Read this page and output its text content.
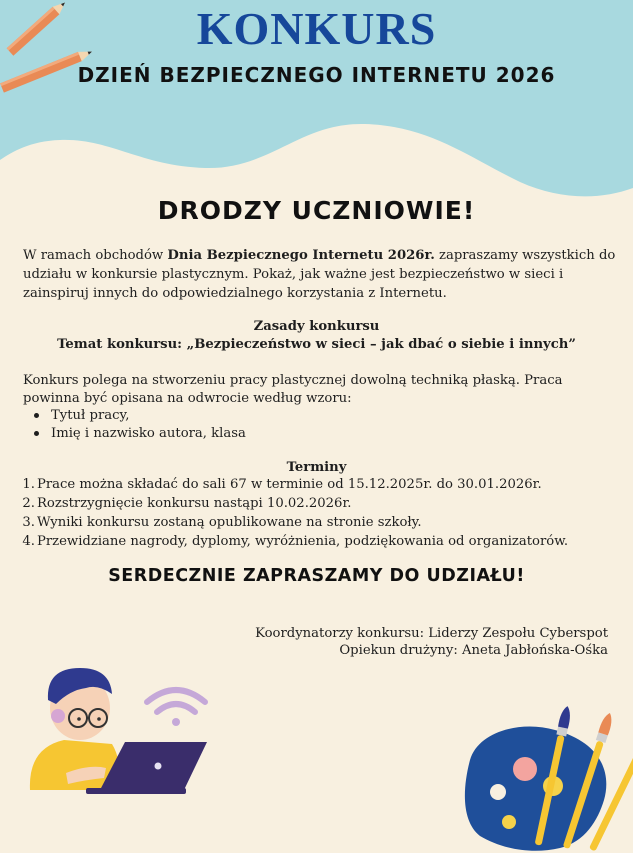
KONKURS
DZIEŃ BEZPIECZNEGO INTERNETU 2026
DRODZY UCZNIOWIE!
W ramach obchodów Dnia Bezpiecznego Internetu 2026r. zapraszamy wszystkich do udziału w konkursie plastycznym. Pokaż, jak ważne jest bezpieczeństwo w sieci i zainspiruj innych do odpowiedzialnego korzystania z Internetu.
Zasady konkursu
Temat konkursu: „Bezpieczeństwo w sieci – jak dbać o siebie i innych”
Konkurs polega na stworzeniu pracy plastycznej dowolną techniką płaską. Praca powinna być opisana na odwrocie według wzoru:
Tytuł pracy,
Imię i nazwisko autora, klasa
Terminy
1. Prace można składać do sali 67 w terminie od 15.12.2025r. do 30.01.2026r.
2. Rozstrzygnięcie konkursu nastąpi 10.02.2026r.
3. Wyniki konkursu zostaną opublikowane na stronie szkoły.
4. Przewidziane nagrody, dyplomy, wyróżnienia, podziękowania od organizatorów.
SERDECZNIE ZAPRASZAMY DO UDZIAŁU!
Koordynatorzy konkursu: Liderzy Zespołu Cyberspot
Opiekun drużyny: Aneta Jabłońska-Ośka
